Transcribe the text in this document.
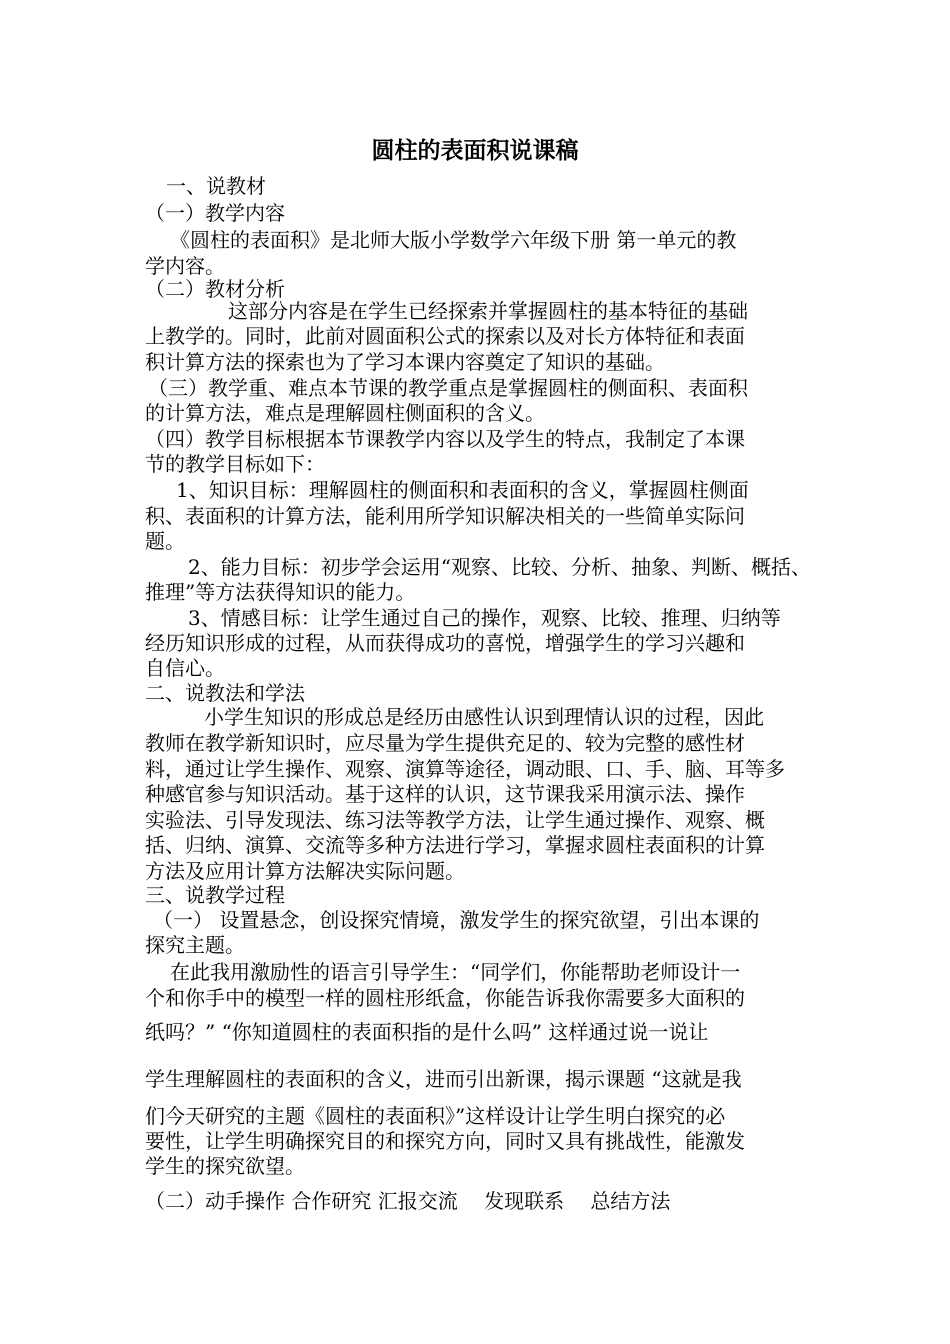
圆柱的表面积说课稿
一、说教材
（一）教学内容
《圆柱的表面积》是北师大版小学数学六年级下册 第一单元的教
学内容。
（二）教材分析
这部分内容是在学生已经探索并掌握圆柱的基本特征的基础
上教学的。同时，此前对圆面积公式的探索以及对长方体特征和表面
积计算方法的探索也为了学习本课内容奠定了知识的基础。
（三）教学重、难点本节课的教学重点是掌握圆柱的侧面积、表面积
的计算方法，难点是理解圆柱侧面积的含义。
（四）教学目标根据本节课教学内容以及学生的特点，我制定了本课
节的教学目标如下：
1、知识目标：理解圆柱的侧面积和表面积的含义，掌握圆柱侧面
积、表面积的计算方法，能利用所学知识解决相关的一些简单实际问
题。
2、能力目标：初步学会运用“观察、比较、分析、抽象、判断、概括、
推理”等方法获得知识的能力。
3、情感目标：让学生通过自己的操作，观察、比较、推理、归纳等
经历知识形成的过程，从而获得成功的喜悦，增强学生的学习兴趣和
自信心。
二、说教法和学法
小学生知识的形成总是经历由感性认识到理情认识的过程，因此
教师在教学新知识时，应尽量为学生提供充足的、较为完整的感性材
料，通过让学生操作、观察、演算等途径，调动眼、口、手、脑、耳等多
种感官参与知识活动。基于这样的认识，这节课我采用演示法、操作
实验法、引导发现法、练习法等教学方法，让学生通过操作、观察、概
括、归纳、演算、交流等多种方法进行学习，掌握求圆柱表面积的计算
方法及应用计算方法解决实际问题。
三、说教学过程
（一） 设置悬念，创设探究情境，激发学生的探究欲望，引出本课的
探究主题。
在此我用激励性的语言引导学生：“同学们，你能帮助老师设计一
个和你手中的模型一样的圆柱形纸盒，你能告诉我你需要多大面积的
纸吗？” “你知道圆柱的表面积指的是什么吗” 这样通过说一说让
学生理解圆柱的表面积的含义，进而引出新课，揭示课题 “这就是我
们今天研究的主题《圆柱的表面积》”这样设计让学生明白探究的必
要性，让学生明确探究目的和探究方向，同时又具有挑战性，能激发
学生的探究欲望。
（二）动手操作 合作研究 汇报交流　 发现联系　 总结方法
